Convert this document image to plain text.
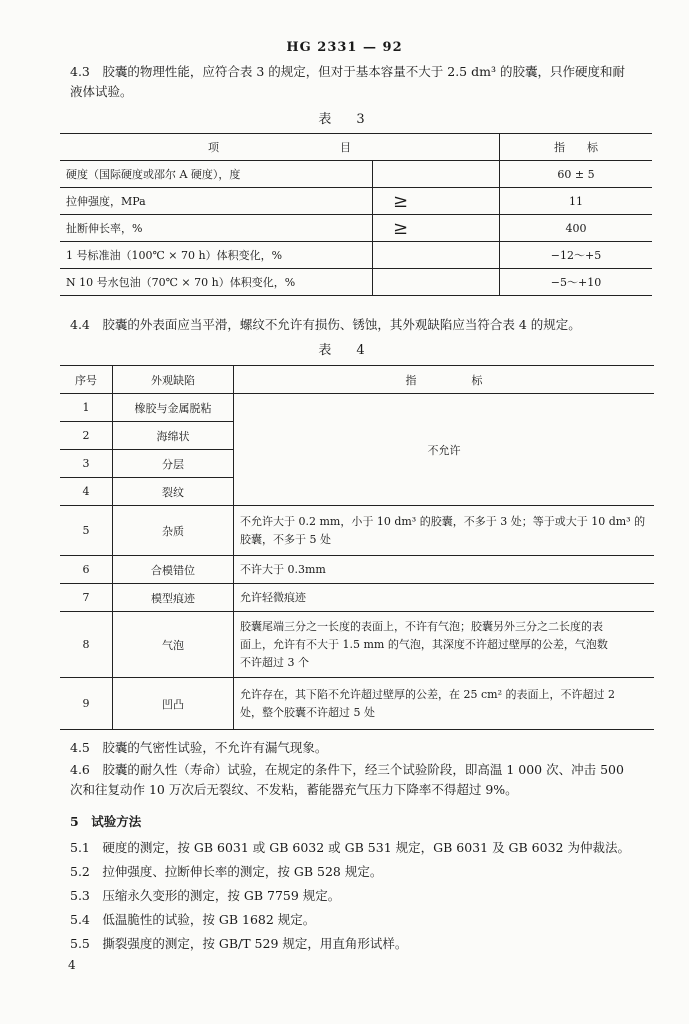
HG 2331 — 92
4.3　胶囊的物理性能，应符合表 3 的规定，但对于基本容量不大于 2.5 dm³ 的胶囊，只作硬度和耐
液体试验。
表　3
项　　　　　　　　　　　目		指　　标
硬度（国际硬度或邵尔 A 硬度），度		60 ± 5
拉伸强度，MPa	≥	11
扯断伸长率，%	≥	400
1 号标准油（100℃ × 70 h）体积变化，%		−12～+5
N 10 号水包油（70℃ × 70 h）体积变化，%		−5～+10
4.4　胶囊的外表面应当平滑，螺纹不允许有损伤、锈蚀，其外观缺陷应当符合表 4 的规定。
表　4
序号	外观缺陷	指　　　　　标
1	橡胶与金属脱粘	不允许
2	海绵状	
3	分层	
4	裂纹	
5	杂质	不允许大于 0.2 mm，小于 10 dm³ 的胶囊，不多于 3 处；等于或大于 10 dm³ 的
胶囊，不多于 5 处

6	合模错位	不许大于 0.3mm
7	模型痕迹	允许轻微痕迹
8	气泡	胶囊尾端三分之一长度的表面上，不许有气泡；胶囊另外三分之二长度的表
面上，允许有不大于 1.5 mm 的气泡，其深度不许超过壁厚的公差，气泡数
不许超过 3 个

9	凹凸	允许存在，其下陷不允许超过壁厚的公差，在 25 cm² 的表面上，不许超过 2
处，整个胶囊不许超过 5 处
4.5　胶囊的气密性试验，不允许有漏气现象。
4.6　胶囊的耐久性（寿命）试验，在规定的条件下，经三个试验阶段，即高温 1 000 次、冲击 500
次和往复动作 10 万次后无裂纹、不发粘，蓄能器充气压力下降率不得超过 9%。
5　试验方法
5.1　硬度的测定，按 GB 6031 或 GB 6032 或 GB 531 规定，GB 6031 及 GB 6032 为仲裁法。
5.2　拉伸强度、拉断伸长率的测定，按 GB 528 规定。
5.3　压缩永久变形的测定，按 GB 7759 规定。
5.4　低温脆性的试验，按 GB 1682 规定。
5.5　撕裂强度的测定，按 GB/T 529 规定，用直角形试样。
4
